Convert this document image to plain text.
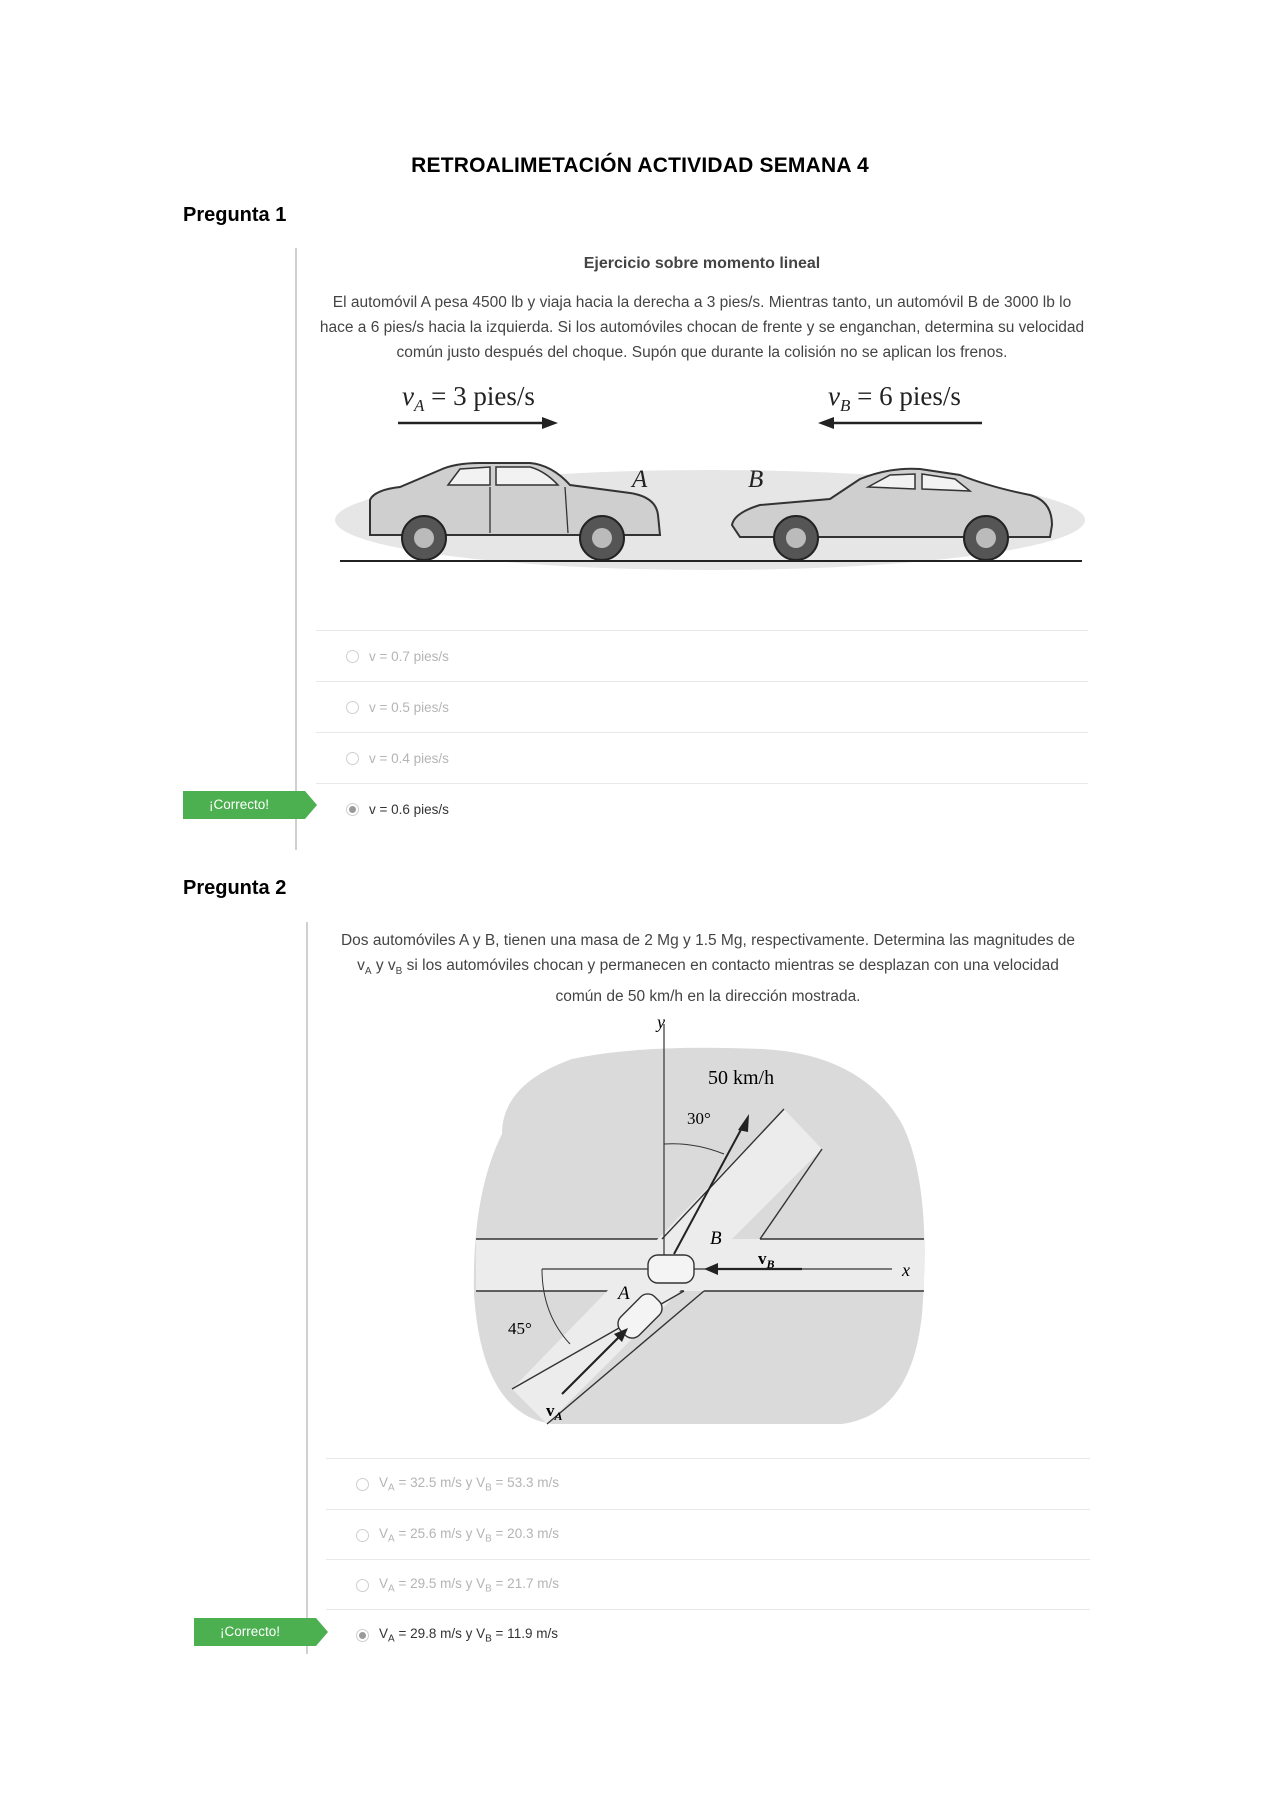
RETROALIMETACIÓN ACTIVIDAD SEMANA 4
Pregunta 1
Ejercicio sobre momento lineal
El automóvil A pesa 4500 lb y viaja hacia la derecha a 3 pies/s. Mientras tanto, un automóvil B de 3000 lb lo hace a 6 pies/s hacia la izquierda. Si los automóviles chocan de frente y se enganchan, determina su velocidad común justo después del choque. Supón que durante la colisión no se aplican los frenos.
$v_A = 3$ pies/s	$v_B = 6$ pies/s
A	B
v = 0.7 pies/s
v = 0.5 pies/s
v = 0.4 pies/s
v = 0.6 pies/s
¡Correcto!
Pregunta 2
Dos automóviles A y B, tienen una masa de 2 Mg y 1.5 Mg, respectivamente. Determina las magnitudes de
$v_A$ y $v_B$ si los automóviles chocan y permanecen en contacto mientras se desplazan con una velocidad
común de 50 km/h en la dirección mostrada.
y
x
50 km/h
30°
B
$v_B$
A
$v_A$
45°
$V_A = 32.5$ m/s y $V_B = 53.3$ m/s
$V_A = 25.6$ m/s y $V_B = 20.3$ m/s
$V_A = 29.5$ m/s y $V_B = 21.7$ m/s
$V_A = 29.8$ m/s y $V_B = 11.9$ m/s
¡Correcto!
